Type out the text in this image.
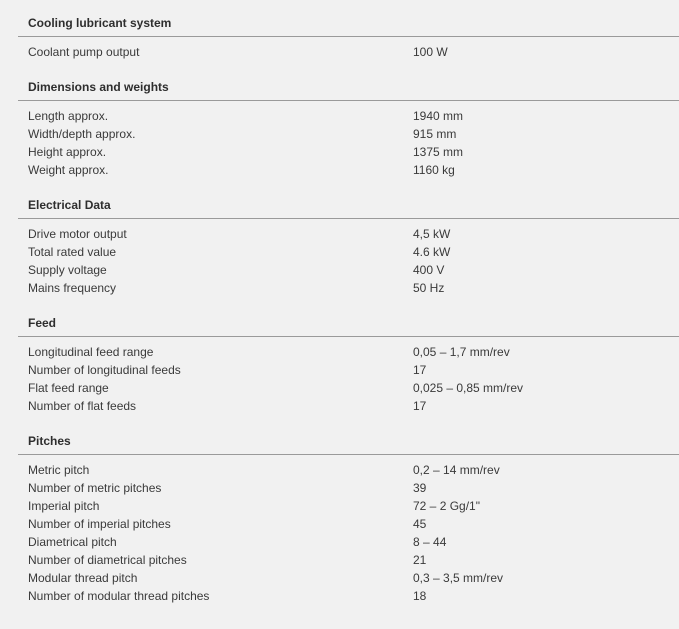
Cooling lubricant system
Coolant pump output	100 W
Dimensions and weights
Length approx.	1940 mm
Width/depth approx.	915 mm
Height approx.	1375 mm
Weight approx.	1160 kg
Electrical Data
Drive motor output	4,5 kW
Total rated value	4.6 kW
Supply voltage	400 V
Mains frequency	50 Hz
Feed
Longitudinal feed range	0,05 – 1,7 mm/rev
Number of longitudinal feeds	17
Flat feed range	0,025 – 0,85 mm/rev
Number of flat feeds	17
Pitches
Metric pitch	0,2 – 14 mm/rev
Number of metric pitches	39
Imperial pitch	72 – 2 Gg/1"
Number of imperial pitches	45
Diametrical pitch	8 – 44
Number of diametrical pitches	21
Modular thread pitch	0,3 – 3,5 mm/rev
Number of modular thread pitches	18
